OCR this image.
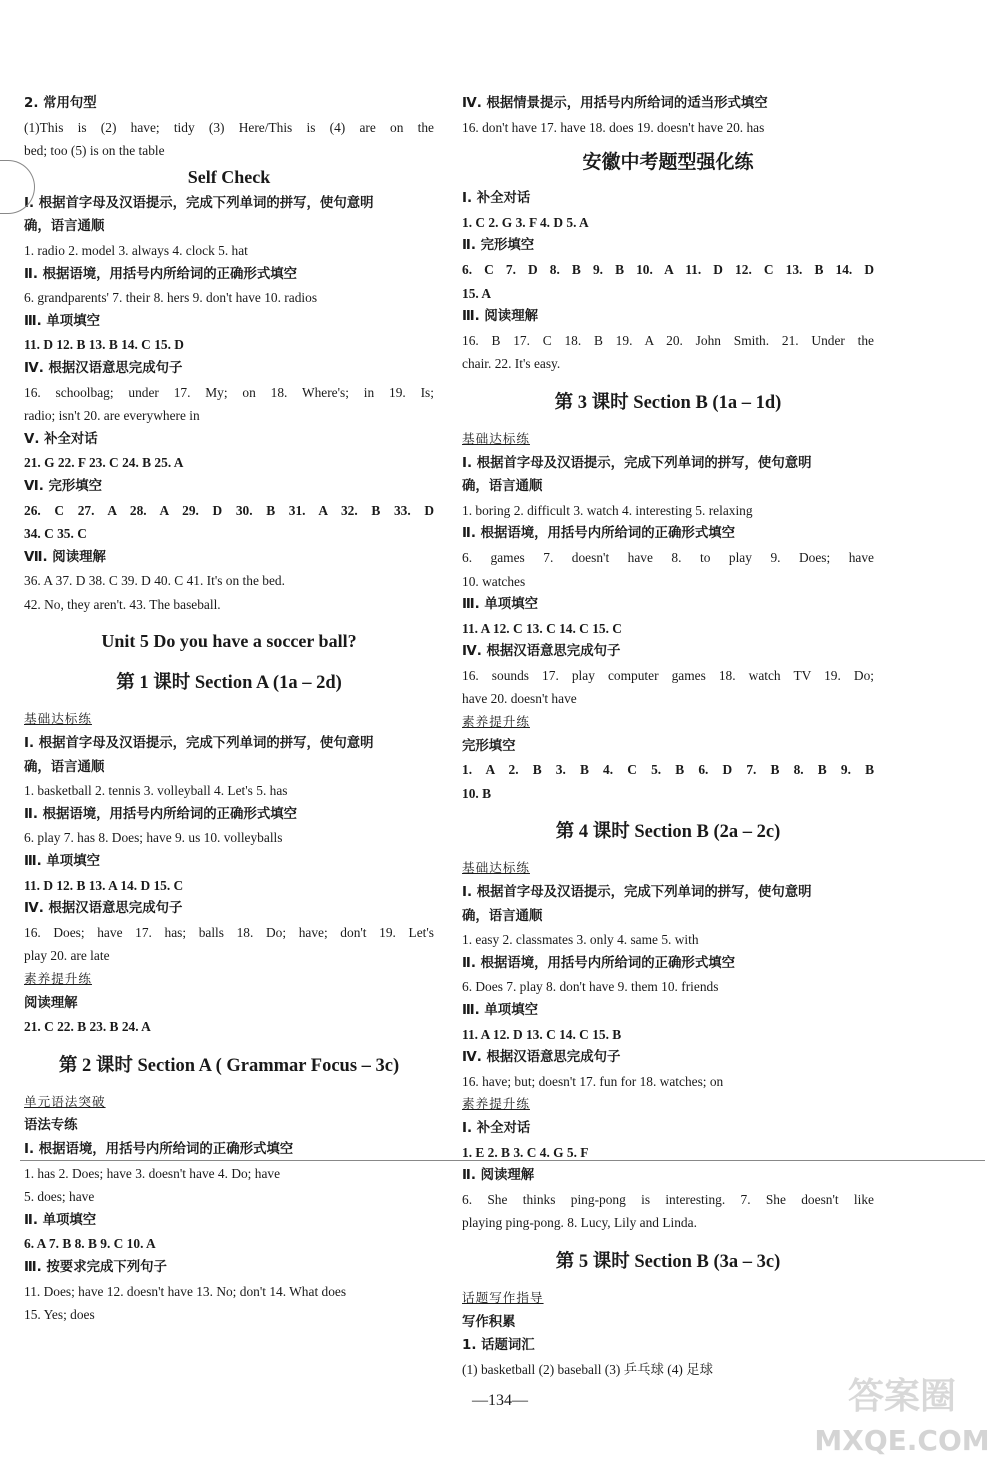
2. 常用句型
(1)This is (2) have; tidy (3) Here/This is (4) are on the
bed; too (5) is on the table
Self Check
Ⅰ. 根据首字母及汉语提示，完成下列单词的拼写，使句意明
确，语言通顺
1. radio 2. model 3. always 4. clock 5. hat
Ⅱ. 根据语境，用括号内所给词的正确形式填空
6. grandparents' 7. their 8. hers 9. don't have 10. radios
Ⅲ. 单项填空
11. D 12. B 13. B 14. C 15. D
Ⅳ. 根据汉语意思完成句子
16. schoolbag; under 17. My; on 18. Where's; in 19. Is;
radio; isn't 20. are everywhere in
Ⅴ. 补全对话
21. G 22. F 23. C 24. B 25. A
Ⅵ. 完形填空
26. C 27. A 28. A 29. D 30. B 31. A 32. B 33. D
34. C 35. C
Ⅶ. 阅读理解
36. A 37. D 38. C 39. D 40. C 41. It's on the bed.
42. No, they aren't. 43. The baseball.
Unit 5 Do you have a soccer ball?
第 1 课时 Section A (1a – 2d)
基础达标练
Ⅰ. 根据首字母及汉语提示，完成下列单词的拼写，使句意明
确，语言通顺
1. basketball 2. tennis 3. volleyball 4. Let's 5. has
Ⅱ. 根据语境，用括号内所给词的正确形式填空
6. play 7. has 8. Does; have 9. us 10. volleyballs
Ⅲ. 单项填空
11. D 12. B 13. A 14. D 15. C
Ⅳ. 根据汉语意思完成句子
16. Does; have 17. has; balls 18. Do; have; don't 19. Let's
play 20. are late
素养提升练
阅读理解
21. C 22. B 23. B 24. A
第 2 课时 Section A ( Grammar Focus – 3c)
单元语法突破
语法专练
Ⅰ. 根据语境，用括号内所给词的正确形式填空
1. has 2. Does; have 3. doesn't have 4. Do; have
5. does; have
Ⅱ. 单项填空
6. A 7. B 8. B 9. C 10. A
Ⅲ. 按要求完成下列句子
11. Does; have 12. doesn't have 13. No; don't 14. What does
15. Yes; does
Ⅳ. 根据情景提示，用括号内所给词的适当形式填空
16. don't have 17. have 18. does 19. doesn't have 20. has
安徽中考题型强化练
Ⅰ. 补全对话
1. C 2. G 3. F 4. D 5. A
Ⅱ. 完形填空
6. C 7. D 8. B 9. B 10. A 11. D 12. C 13. B 14. D
15. A
Ⅲ. 阅读理解
16. B 17. C 18. B 19. A 20. John Smith. 21. Under the
chair. 22. It's easy.
第 3 课时 Section B (1a – 1d)
基础达标练
Ⅰ. 根据首字母及汉语提示，完成下列单词的拼写，使句意明
确，语言通顺
1. boring 2. difficult 3. watch 4. interesting 5. relaxing
Ⅱ. 根据语境，用括号内所给词的正确形式填空
6. games 7. doesn't have 8. to play 9. Does; have
10. watches
Ⅲ. 单项填空
11. A 12. C 13. C 14. C 15. C
Ⅳ. 根据汉语意思完成句子
16. sounds 17. play computer games 18. watch TV 19. Do;
have 20. doesn't have
素养提升练
完形填空
1. A 2. B 3. B 4. C 5. B 6. D 7. B 8. B 9. B
10. B
第 4 课时 Section B (2a – 2c)
基础达标练
Ⅰ. 根据首字母及汉语提示，完成下列单词的拼写，使句意明
确，语言通顺
1. easy 2. classmates 3. only 4. same 5. with
Ⅱ. 根据语境，用括号内所给词的正确形式填空
6. Does 7. play 8. don't have 9. them 10. friends
Ⅲ. 单项填空
11. A 12. D 13. C 14. C 15. B
Ⅳ. 根据汉语意思完成句子
16. have; but; doesn't 17. fun for 18. watches; on
素养提升练
Ⅰ. 补全对话
1. E 2. B 3. C 4. G 5. F
Ⅱ. 阅读理解
6. She thinks ping-pong is interesting. 7. She doesn't like
playing ping-pong. 8. Lucy, Lily and Linda.
第 5 课时 Section B (3a – 3c)
话题写作指导
写作积累
1. 话题词汇
(1) basketball (2) baseball (3) 乒乓球 (4) 足球
—134—	答案圈
MXQE.COM
